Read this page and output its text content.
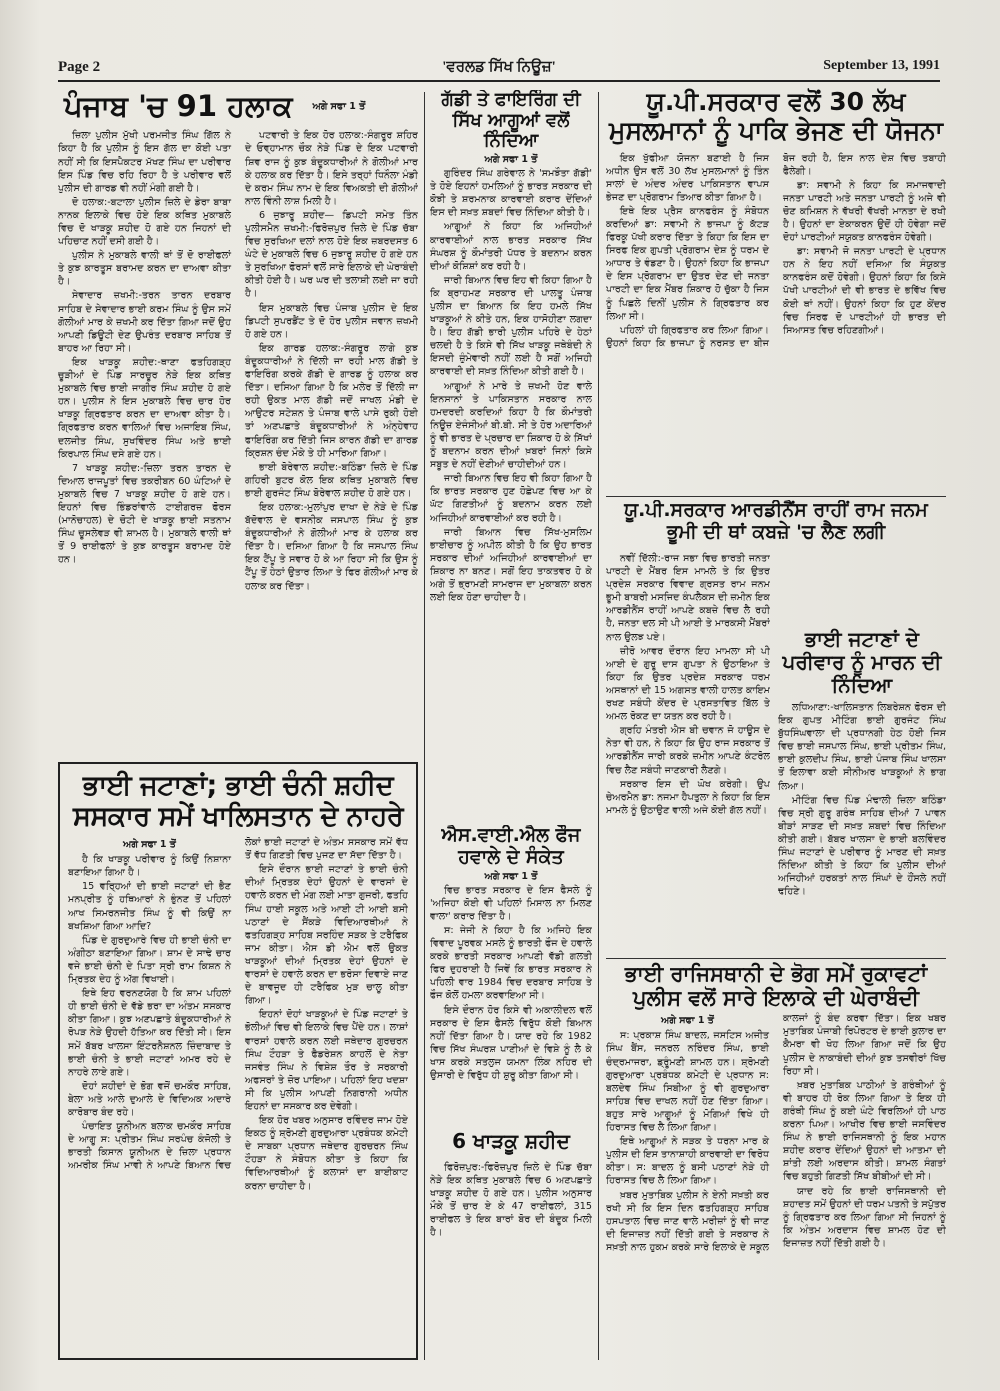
Page 2	'ਵਰਲਡ ਸਿੱਖ ਨਿਊਜ਼'	September 13, 1991
ਪੰਜਾਬ 'ਚ 91 ਹਲਾਕ ਅਗੇ ਸਫਾ 1 ਤੋਂ

ਜ਼ਿਲਾ ਪੁਲੀਸ ਮੁੱਖੀ ਪਰਮਜੀਤ ਸਿੰਘ ਗਿੱਲ ਨੇ ਕਿਹਾ ਹੈ ਕਿ ਪੁਲੀਸ ਨੂੰ ਇਸ ਗੱਲ ਦਾ ਕੋਈ ਪਤਾ ਨਹੀਂ ਸੀ ਕਿ ਇਸਪੈਕਟਰ ਮੱਖਣ ਸਿੰਘ ਦਾ ਪਰੀਵਾਰ ਇਸ ਪਿੰਡ ਵਿਚ ਰਹਿ ਰਿਹਾ ਹੈ ਤੇ ਪਰੀਵਾਰ ਵਲੋਂ ਪੁਲੀਸ ਦੀ ਗਾਰਡ ਵੀ ਨਹੀਂ ਮੰਗੀ ਗਈ ਹੈ।

ਦੋ ਹਲਾਕ:-ਬਟਾਲਾ ਪੁਲੀਸ ਜ਼ਿਲੇ ਦੇ ਡੇਰਾ ਬਾਬਾ ਨਾਨਕ ਇਲਾਕੇ ਵਿਚ ਹੋਏ ਇਕ ਕਥਿਤ ਮੁਕਾਬਲੇ ਵਿਚ ਦੋ ਖਾੜਕੂ ਸ਼ਹੀਦ ਹੋ ਗਏ ਹਨ ਜਿਹਨਾਂ ਦੀ ਪਹਿਚਾਣ ਨਹੀਂ ਦਸੀ ਗਈ ਹੈ।

ਪੁਲੀਸ ਨੇ ਮੁਕਾਬਲੇ ਵਾਲੀ ਥਾਂ ਤੋਂ ਦੋ ਰਾਈਫਲਾਂ ਤੇ ਕੁਝ ਕਾਰਤੂਸ ਬਰਾਮਦ ਕਰਨ ਦਾ ਦਾਅਵਾ ਕੀਤਾ ਹੈ।

ਸੇਵਾਦਾਰ ਜ਼ਖਮੀ:-ਤਰਨ ਤਾਰਨ ਦਰਬਾਰ ਸਾਹਿਬ ਦੇ ਸੇਵਾਦਾਰ ਭਾਈ ਕਰਮ ਸਿੰਘ ਨੂੰ ਉਸ ਸਮੇਂ ਗੋਲੀਆਂ ਮਾਰ ਕੇ ਜ਼ਖਮੀ ਕਰ ਦਿੱਤਾ ਗਿਆ ਜਦੋਂ ਉਹ ਆਪਣੀ ਡਿਊਟੀ ਦੇਣ ਉਪਰੰਤ ਦਰਬਾਰ ਸਾਹਿਬ ਤੋਂ ਬਾਹਰ ਆ ਰਿਹਾ ਸੀ।

ਇਕ ਖਾੜਕੂ ਸ਼ਹੀਦ:-ਥਾਣਾ ਫਤਹਿਗੜ੍ਹ ਚੂੜੀਆਂ ਦੇ ਪਿੰਡ ਸਾਰਚੂਰ ਨੇੜੇ ਇਕ ਕਥਿਤ ਮੁਕਾਬਲੇ ਵਿਚ ਭਾਈ ਜਾਗੀਰ ਸਿੰਘ ਸ਼ਹੀਦ ਹੋ ਗਏ ਹਨ। ਪੁਲੀਸ ਨੇ ਇਸ ਮੁਕਾਬਲੇ ਵਿਚ ਚਾਰ ਹੋਰ ਖਾੜਕੂ ਗ੍ਰਿਫਤਾਰ ਕਰਨ ਦਾ ਦਾਅਵਾ ਕੀਤਾ ਹੈ। ਗ੍ਰਿਫਤਾਰ ਕਰਨ ਵਾਲਿਆਂ ਵਿਚ ਅਜਾਇਬ ਸਿੰਘ, ਦਲਜੀਤ ਸਿੰਘ, ਸੁਖਵਿੰਦਰ ਸਿੰਘ ਅਤੇ ਭਾਈ ਕਿਰਪਾਲ ਸਿੰਘ ਦਸੇ ਗਏ ਹਨ।

7 ਖਾੜਕੂ ਸ਼ਹੀਦ:-ਜ਼ਿਲਾ ਤਰਨ ਤਾਰਨ ਦੇ ਦਿਆਲ ਰਾਜਪੂਤਾਂ ਵਿਚ ਤਕਰੀਬਨ 60 ਘੰਟਿਆਂ ਦੇ ਮੁਕਾਬਲੇ ਵਿਚ 7 ਖਾੜਕੂ ਸ਼ਹੀਦ ਹੋ ਗਏ ਹਨ। ਇਹਨਾਂ ਵਿਚ ਭਿੰਡਰਾਂਵਾਲੇ ਟਾਈਗਰਜ਼ ਫੋਰਸ (ਮਾਨੋਚਾਹਲ) ਦੇ ਚੋਟੀ ਦੇ ਖਾੜਕੂ ਭਾਈ ਸਤਨਾਮ ਸਿੰਘ ਚੂਸਲੇਵੜ ਵੀ ਸ਼ਾਮਲ ਹੈ। ਮੁਕਾਬਲੇ ਵਾਲੀ ਥਾਂ ਤੋਂ 9 ਰਾਈਫਲਾਂ ਤੇ ਕੁਝ ਕਾਰਤੂਸ ਬਰਾਮਦ ਹੋਏ ਹਨ।

ਪਟਵਾਰੀ ਤੇ ਇਕ ਹੋਰ ਹਲਾਕ:-ਸੰਗਰੂਰ ਸ਼ਹਿਰ ਦੇ ਓਵ੍ਹਾਮਾਨ ਚੌਕ ਨੇੜੇ ਪਿੰਡ ਦੇ ਇਕ ਪਟਵਾਰੀ ਸ਼ਿਵ ਰਾਜ ਨੂੰ ਕੁਝ ਬੰਦੂਕਧਾਰੀਆਂ ਨੇ ਗੋਲੀਆਂ ਮਾਰ ਕੇ ਹਲਾਕ ਕਰ ਦਿੱਤਾ ਹੈ। ਇਸੇ ਤਰ੍ਹਾਂ ਧਿਨੌਲਾ ਮੰਡੀ ਦੇ ਕਰਮ ਸਿੰਘ ਨਾਮ ਦੇ ਇਕ ਵਿਅਕਤੀ ਦੀ ਗੋਲੀਆਂ ਨਾਲ ਵਿੰਨੀ ਲਾਸ਼ ਮਿਲੀ ਹੈ।

6 ਜੁਝਾਰੂ ਸ਼ਹੀਦ— ਡਿਪਟੀ ਸਮੇਤ ਤਿੰਨ ਪੁਲੀਸਮੈਨ ਜ਼ਖਮੀ:-ਫਿਰੋਜ਼ਪੁਰ ਜ਼ਿਲੇ ਦੇ ਪਿੰਡ ਚੱਬਾ ਵਿਚ ਸੁਰਖਿਆ ਦਲਾਂ ਨਾਲ ਹੋਏ ਇਕ ਜ਼ਬਰਦਸਤ 6 ਘੰਟੇ ਦੇ ਮੁਕਾਬਲੇ ਵਿਚ 6 ਜੁਝਾਰੂ ਸ਼ਹੀਦ ਹੋ ਗਏ ਹਨ ਤੇ ਸੁਰਖਿਆ ਫੋਰਸਾਂ ਵਲੋਂ ਸਾਰੇ ਇਲਾਕੇ ਦੀ ਘੇਰਾਬੰਦੀ ਕੀਤੀ ਹੋਈ ਹੈ। ਘਰ ਘਰ ਦੀ ਤਲਾਸ਼ੀ ਲਈ ਜਾ ਰਹੀ ਹੈ।

ਇਸ ਮੁਕਾਬਲੇ ਵਿਚ ਪੰਜਾਬ ਪੁਲੀਸ ਦੇ ਇਕ ਡਿਪਟੀ ਸੁਪਰਡੈਂਟ ਤੇ ਦੋ ਹੋਰ ਪੁਲੀਸ ਜਵਾਨ ਜ਼ਖਮੀ ਹੋ ਗਏ ਹਨ।

ਇਕ ਗਾਰਡ ਹਲਾਕ:-ਸੰਗਰੂਰ ਲਾਗੇ ਕੁਝ ਬੰਦੂਕਧਾਰੀਆਂ ਨੇ ਦਿੱਲੀ ਜਾ ਰਹੀ ਮਾਲ ਗੱਡੀ ਤੇ ਫਾਇਰਿੰਗ ਕਰਕੇ ਗੱਡੀ ਦੇ ਗਾਰਡ ਨੂੰ ਹਲਾਕ ਕਰ ਦਿੱਤਾ। ਦਸਿਆ ਗਿਆ ਹੈ ਕਿ ਮਲੇਰ ਤੋਂ ਦਿੱਲੀ ਜਾ ਰਹੀ ਉਕਤ ਮਾਲ ਗੱਡੀ ਜਦੋਂ ਜਾਖਲ ਮੰਡੀ ਦੇ ਆਉਟਰ ਸਟੇਸ਼ਨ ਤੇ ਪੰਜਾਬ ਵਾਲੇ ਪਾਸੇ ਰੁਕੀ ਹੋਈ ਤਾਂ ਅਣਪਛਾਤੇ ਬੰਦੂਕਧਾਰੀਆਂ ਨੇ ਅੰਨ੍ਹੇਵਾਹ ਫਾਇਰਿੰਗ ਕਰ ਦਿੱਤੀ ਜਿਸ ਕਾਰਨ ਗੱਡੀ ਦਾ ਗਾਰਡ ਕ੍ਰਿਸ਼ਨ ਚੰਦ ਮੌਕੇ ਤੇ ਹੀ ਮਾਰਿਆ ਗਿਆ।

ਭਾਈ ਬੋਰੇਵਾਲ ਸ਼ਹੀਦ:-ਬਠਿੰਡਾ ਜ਼ਿਲੇ ਦੇ ਪਿੰਡ ਗਹਿਰੀ ਬੁਟਰ ਕੋਲ ਇਕ ਕਥਿਤ ਮੁਕਾਬਲੇ ਵਿਚ ਭਾਈ ਗੁਰਜੰਟ ਸਿੰਘ ਬੋਰੇਵਾਲ ਸ਼ਹੀਦ ਹੋ ਗਏ ਹਨ।

ਇਕ ਹਲਾਕ:-ਮੁਲਾਂਪੁਰ ਦਾਖਾ ਦੇ ਨੇੜੇ ਦੇ ਪਿੰਡ ਬੱਦੋਵਾਲ ਦੇ ਵਸਨੀਕ ਜਸਪਾਲ ਸਿੰਘ ਨੂੰ ਕੁਝ ਬੰਦੂਕਧਾਰੀਆਂ ਨੇ ਗੋਲੀਆਂ ਮਾਰ ਕੇ ਹਲਾਕ ਕਰ ਦਿੱਤਾ ਹੈ। ਦਸਿਆ ਗਿਆ ਹੈ ਕਿ ਜਸਪਾਲ ਸਿੰਘ ਇਕ ਟੈਂਪੂ ਤੇ ਸਵਾਰ ਹੋ ਕੇ ਆ ਰਿਹਾ ਸੀ ਕਿ ਉਸ ਨੂੰ ਟੈਂਪੂ ਤੋਂ ਹੇਠਾਂ ਉਤਾਰ ਲਿਆ ਤੇ ਫਿਰ ਗੋਲੀਆਂ ਮਾਰ ਕੇ ਹਲਾਕ ਕਰ ਦਿੱਤਾ।

ਭਾਈ ਜਟਾਣਾਂ; ਭਾਈ ਚੰਨੀ ਸ਼ਹੀਦ ਸਸਕਾਰ ਸਮੇਂ ਖਾਲਿਸਤਾਨ ਦੇ ਨਾਹਰੇ
ਅਗੇ ਸਫਾ 1 ਤੋਂ

ਹੈ ਕਿ ਖਾੜਕੂ ਪਰੀਵਾਰ ਨੂੰ ਕਿਉਂ ਨਿਸ਼ਾਨਾ ਬਣਾਇਆ ਗਿਆ ਹੈ।

15 ਵਰ੍ਹਿਆਂ ਦੀ ਭਾਈ ਜਟਾਣਾਂ ਦੀ ਭੈਣ ਮਨਪ੍ਰੀਤ ਨੂੰ ਹਥਿਆਰਾਂ ਨੇ ਭੁੰਨਣ ਤੋਂ ਪਹਿਲਾਂ ਆਖ ਸਿਮਰਨਜੀਤ ਸਿੰਘ ਨੂੰ ਵੀ ਕਿਉਂ ਨਾ ਬਖਸ਼ਿਆ ਗਿਆ ਆਦਿ?

ਪਿੰਡ ਦੇ ਗੁਰਦੁਆਰੇ ਵਿਚ ਹੀ ਭਾਈ ਚੰਨੀ ਦਾ ਅੰਗੀਠਾ ਬਣਾਇਆ ਗਿਆ। ਸ਼ਾਮ ਦੇ ਸਾਢੇ ਚਾਰ ਵਜੇ ਭਾਈ ਚੰਨੀ ਦੇ ਪਿਤਾ ਸ੍ਰੀ ਰਾਮ ਕਿਸ਼ਨ ਨੇ ਮ੍ਰਿਤਕ ਦੇਹ ਨੂੰ ਅੱਗ ਵਿਖਾਈ।

ਇਥੇ ਇਹ ਵਰਨਣਯੋਗ ਹੈ ਕਿ ਸ਼ਾਮ ਪਹਿਲਾਂ ਹੀ ਭਾਈ ਚੰਨੀ ਦੇ ਵੱਡੇ ਭਰਾ ਦਾ ਅੰਤਮ ਸਸਕਾਰ ਕੀਤਾ ਗਿਆ। ਕੁਝ ਅਣਪਛਾਤੇ ਬੰਦੂਕਧਾਰੀਆਂ ਨੇ ਰੋਪੜ ਨੇੜੇ ਉਹਦੀ ਹੱਤਿਆ ਕਰ ਦਿੱਤੀ ਸੀ। ਇਸ ਸਮੇਂ ਬੱਬਰ ਖਾਲਸਾ ਇੰਟਰਨੈਸ਼ਨਲ ਜ਼ਿੰਦਾਬਾਦ ਤੇ ਭਾਈ ਚੰਨੀ ਤੇ ਭਾਈ ਜਟਾਣਾਂ ਅਮਰ ਰਹੇ ਦੇ ਨਾਹਰੇ ਲਾਏ ਗਏ।

ਦੋਹਾਂ ਸ਼ਹੀਦਾਂ ਦੇ ਭੋਗ ਵਜੋਂ ਚਮਕੌਰ ਸਾਹਿਬ, ਬੇਲਾ ਅਤੇ ਆਲੇ ਦੁਆਲੇ ਦੇ ਵਿਦਿਅਕ ਅਦਾਰੇ ਕਾਰੋਬਾਰ ਬੰਦ ਰਹੇ।

ਪੰਚਾਇਤ ਯੂਨੀਅਨ ਬਲਾਕ ਚਮਕੌਰ ਸਾਹਿਬ ਦੇ ਆਗੂ ਸ: ਪ੍ਰੀਤਮ ਸਿੰਘ ਸਰਪੰਚ ਕੰਜੋਲੀ ਤੇ ਭਾਰਤੀ ਕਿਸਾਨ ਯੂਨੀਅਨ ਦੇ ਜ਼ਿਲਾ ਪ੍ਰਧਾਨ ਅਮਰੀਕ ਸਿੰਘ ਮਾਵੀ ਨੇ ਆਪਣੇ ਬਿਆਨ ਵਿਚ ਲੋਕਾਂ ਭਾਈ ਜਟਾਣਾਂ ਦੇ ਅੰਤਮ ਸਸਕਾਰ ਸਮੇਂ ਵੱਧ ਤੋਂ ਵੱਧ ਗਿਣਤੀ ਵਿਚ ਪੁਜਣ ਦਾ ਸੱਦਾ ਦਿੱਤਾ ਹੈ।

ਇਸੇ ਦੌਰਾਨ ਭਾਈ ਜਟਾਣਾਂ ਤੇ ਭਾਈ ਚੰਨੀ ਦੀਆਂ ਮ੍ਰਿਤਕ ਦੇਹਾਂ ਉਹਨਾਂ ਦੇ ਵਾਰਸਾਂ ਦੇ ਹਵਾਲੇ ਕਰਨ ਦੀ ਮੰਗ ਲਈ ਮਾਤਾ ਗੁਜਰੀ, ਫਤਹਿ ਸਿੰਘ ਹਾਈ ਸਕੂਲ ਅਤੇ ਆਈ ਟੀ ਆਈ ਬਸੀ ਪਠਾਣਾਂ ਦੇ ਸੈਂਕੜੇ ਵਿਦਿਆਰਥੀਆਂ ਨੇ ਫਤਹਿਗੜ੍ਹ ਸਾਹਿਬ ਸਰਹਿੰਦ ਸੜਕ ਤੇ ਟਰੈਫਿਕ ਜਾਮ ਕੀਤਾ। ਐਸ ਡੀ ਐਮ ਵਲੋਂ ਉਕਤ ਖਾੜਕੂਆਂ ਦੀਆਂ ਮ੍ਰਿਤਕ ਦੇਹਾਂ ਉਹਨਾਂ ਦੇ ਵਾਰਸਾਂ ਦੇ ਹਵਾਲੇ ਕਰਨ ਦਾ ਭਰੋਸਾ ਦਿਵਾਏ ਜਾਣ ਦੇ ਬਾਵਜੂਦ ਹੀ ਟਰੈਫਿਕ ਮੁੜ ਚਾਲੂ ਕੀਤਾ ਗਿਆ।

ਇਹਨਾਂ ਦੋਹਾਂ ਖਾੜਕੂਆਂ ਦੇ ਪਿੰਡ ਜਟਾਣਾਂ ਤੇ ਭੋਲੀਆਂ ਵਿਚ ਵੀ ਇਲਾਕੇ ਵਿਚ ਪੈਂਦੇ ਹਨ। ਲਾਸ਼ਾਂ ਵਾਰਸਾਂ ਹਵਾਲੇ ਕਰਨ ਲਈ ਜਥੇਦਾਰ ਗੁਰਚਰਨ ਸਿੰਘ ਟੌਹੜਾ ਤੇ ਫੈਡਰੇਸ਼ਨ ਕਾਹਲੋਂ ਦੇ ਨੇਤਾ ਜਸਵੰਤ ਸਿੰਘ ਨੇ ਵਿਸ਼ੇਸ਼ ਤੌਰ ਤੇ ਸਰਕਾਰੀ ਅਫਸਰਾਂ ਤੇ ਜ਼ੋਰ ਪਾਇਆ। ਪਹਿਲਾਂ ਇਹ ਖਦਸ਼ਾ ਸੀ ਕਿ ਪੁਲੀਸ ਆਪਣੀ ਨਿਗਰਾਨੀ ਅਧੀਨ ਇਹਨਾਂ ਦਾ ਸਸਕਾਰ ਕਰ ਦੇਵੇਗੀ।

ਇਕ ਹੋਰ ਖਬਰ ਅਨੁਸਾਰ ਰਵਿੰਦਰ ਜਾਮ ਹੋਏ ਇਕਠ ਨੂੰ ਸ਼੍ਰੋਮਣੀ ਗੁਰਦੁਆਰਾ ਪ੍ਰਬੰਧਕ ਕਮੇਟੀ ਦੇ ਸਾਬਕਾ ਪ੍ਰਧਾਨ ਜਥੇਦਾਰ ਗੁਰਚਰਨ ਸਿੰਘ ਟੌਹੜਾ ਨੇ ਸੰਬੋਧਨ ਕੀਤਾ ਤੇ ਕਿਹਾ ਕਿ ਵਿਦਿਆਰਥੀਆਂ ਨੂੰ ਕਲਾਸਾਂ ਦਾ ਬਾਈਕਾਟ ਕਰਨਾ ਚਾਹੀਦਾ ਹੈ।

ਗੱਡੀ ਤੇ ਫਾਇਰਿੰਗ ਦੀ ਸਿੱਖ ਆਗੂਆਂ ਵਲੋਂ ਨਿੰਦਿਆ
ਅਗੇ ਸਫਾ 1 ਤੋਂ

ਗੁਰਿੰਦਰ ਸਿੰਘ ਗਰੇਵਾਲ ਨੇ 'ਸਮਝੌਤਾ ਗੱਡੀ' ਤੇ ਹੋਏ ਇਹਨਾਂ ਹਮਲਿਆਂ ਨੂੰ ਭਾਰਤ ਸਰਕਾਰ ਦੀ ਕੋਝੀ ਤੇ ਸ਼ਰਮਨਾਕ ਕਾਰਵਾਈ ਕਰਾਰ ਦੇਂਦਿਆਂ ਇਸ ਦੀ ਸਖ਼ਤ ਸ਼ਬਦਾਂ ਵਿਚ ਨਿੰਦਿਆ ਕੀਤੀ ਹੈ।

ਆਗੂਆਂ ਨੇ ਕਿਹਾ ਕਿ ਅਜਿਹੀਆਂ ਕਾਰਵਾਈਆਂ ਨਾਲ ਭਾਰਤ ਸਰਕਾਰ ਸਿੱਖ ਸੰਘਰਸ਼ ਨੂੰ ਕੌਮਾਂਤਰੀ ਪੱਧਰ ਤੇ ਬਦਨਾਮ ਕਰਨ ਦੀਆਂ ਕੋਸ਼ਿਸ਼ਾਂ ਕਰ ਰਹੀ ਹੈ।

ਜਾਰੀ ਬਿਆਨ ਵਿਚ ਇਹ ਵੀ ਕਿਹਾ ਗਿਆ ਹੈ ਕਿ ਬ੍ਰਾਹਮਣ ਸਰਕਾਰ ਦੀ ਪਾਲਤੂ ਪੰਜਾਬ ਪੁਲੀਸ ਦਾ ਬਿਆਨ ਕਿ ਇਹ ਹਮਲੇ ਸਿੱਖ ਖਾੜਕੂਆਂ ਨੇ ਕੀਤੇ ਹਨ, ਇਕ ਹਾਸੋਹੀਣਾ ਲਗਦਾ ਹੈ। ਇਹ ਗੱਡੀ ਭਾਰੀ ਪੁਲੀਸ ਪਹਿਰੇ ਦੇ ਹੇਠਾਂ ਚਲਦੀ ਹੈ ਤੇ ਕਿਸੇ ਵੀ ਸਿੱਖ ਖਾੜਕੂ ਜਥੇਬੰਦੀ ਨੇ ਇਸਦੀ ਜ਼ੁੰਮੇਵਾਰੀ ਨਹੀਂ ਲਈ ਹੈ ਸਗੋਂ ਅਜਿਹੀ ਕਾਰਵਾਈ ਦੀ ਸਖ਼ਤ ਨਿੰਦਿਆ ਕੀਤੀ ਗਈ ਹੈ।

ਆਗੂਆਂ ਨੇ ਮਾਰੇ ਤੇ ਜ਼ਖਮੀ ਹੋਣ ਵਾਲੇ ਇਨਸਾਨਾਂ ਤੇ ਪਾਕਿਸਤਾਨ ਸਰਕਾਰ ਨਾਲ ਹਮਦਰਦੀ ਕਰਦਿਆਂ ਕਿਹਾ ਹੈ ਕਿ ਕੌਮਾਂਤਰੀ ਨਿਊਜ਼ ਏਜੰਸੀਆਂ ਬੀ.ਬੀ. ਸੀ ਤੇ ਹੋਰ ਅਦਾਰਿਆਂ ਨੂੰ ਵੀ ਭਾਰਤ ਦੇ ਪ੍ਰਚਾਰ ਦਾ ਸ਼ਿਕਾਰ ਹੋ ਕੇ ਸਿੱਖਾਂ ਨੂੰ ਬਦਨਾਮ ਕਰਨ ਦੀਆਂ ਖ਼ਬਰਾਂ ਜਿਨਾਂ ਕਿਸੇ ਸਬੂਤ ਦੇ ਨਹੀਂ ਦੇਣੀਆਂ ਚਾਹੀਦੀਆਂ ਹਨ।

ਜਾਰੀ ਬਿਆਨ ਵਿਚ ਇਹ ਵੀ ਕਿਹਾ ਗਿਆ ਹੈ ਕਿ ਭਾਰਤ ਸਰਕਾਰ ਹੁਣ ਹੋਛੇਪਣ ਵਿਚ ਆ ਕੇ ਘੱਟ ਗਿਣਤੀਆਂ ਨੂੰ ਬਦਨਾਮ ਕਰਨ ਲਈ ਅਜਿਹੀਆਂ ਕਾਰਵਾਈਆਂ ਕਰ ਰਹੀ ਹੈ।

ਜਾਰੀ ਬਿਆਨ ਵਿਚ ਸਿੱਖ-ਮੁਸਲਿਮ ਭਾਈਚਾਰ ਨੂੰ ਅਪੀਲ ਕੀਤੀ ਹੈ ਕਿ ਉਹ ਭਾਰਤ ਸਰਕਾਰ ਦੀਆਂ ਅਜਿਹੀਆਂ ਕਾਰਵਾਈਆਂ ਦਾ ਸ਼ਿਕਾਰ ਨਾ ਬਨਣ। ਸਗੋਂ ਇਹ ਤਾਕਤਵਰ ਹੋ ਕੇ ਅਗੇ ਤੋਂ ਭ੍ਰਾਮਣੀ ਸਾਮਰਾਜ ਦਾ ਮੁਕਾਬਲਾ ਕਰਨ ਲਈ ਇਕ ਹੋਣਾ ਚਾਹੀਦਾ ਹੈ।

ਐਸ.ਵਾਈ.ਐਲ ਫੌਜ ਹਵਾਲੇ ਦੇ ਸੰਕੇਤ
ਅਗੇ ਸਫਾ 1 ਤੋਂ

ਵਿਚ ਭਾਰਤ ਸਰਕਾਰ ਦੇ ਇਸ ਫੈਸਲੇ ਨੂੰ 'ਅਜਿਹਾ ਕੋਈ ਵੀ ਪਹਿਲਾਂ ਮਿਸਾਲ ਨਾ ਮਿਲਣ ਵਾਲਾ' ਕਰਾਰ ਦਿੱਤਾ ਹੈ।

ਸ: ਜੇਜੀ ਨੇ ਕਿਹਾ ਹੈ ਕਿ ਅਜਿਹੇ ਇਕ ਵਿਵਾਦ ਪੂਰਵਕ ਮਸਲੇ ਨੂੰ ਭਾਰਤੀ ਫੌਜ ਦੇ ਹਵਾਲੇ ਕਰਕੇ ਭਾਰਤੀ ਸਰਕਾਰ ਆਪਣੀ ਵੱਡੀ ਗਲਤੀ ਫਿਰ ਦੁਹਰਾਈ ਹੈ ਜਿਵੇਂ ਕਿ ਭਾਰਤ ਸਰਕਾਰ ਨੇ ਪਹਿਲੀ ਵਾਰ 1984 ਵਿਚ ਦਰਬਾਰ ਸਾਹਿਬ ਤੇ ਫੌਜ ਕੋਲੋਂ ਹਮਲਾ ਕਰਵਾਇਆ ਸੀ।

ਇਸੇ ਦੌਰਾਨ ਹੋਰ ਕਿਸੇ ਵੀ ਅਕਾਲੀਦਲ ਵਲੋਂ ਸਰਕਾਰ ਦੇ ਇਸ ਫੈਸਲੇ ਵਿਰੁੱਧ ਕੋਈ ਬਿਆਨ ਨਹੀਂ ਦਿੱਤਾ ਗਿਆ ਹੈ। ਯਾਦ ਰਹੇ ਕਿ 1982 ਵਿਚ ਸਿੱਖ ਸੰਘਰਸ਼ ਪਾਣੀਆਂ ਦੇ ਵਿਸ਼ੇ ਨੂੰ ਲੈ ਕੇ ਖਾਸ ਕਰਕੇ ਸਤਲੁਜ ਯਮਨਾ ਲਿੰਕ ਨਹਿਰ ਦੀ ਉਸਾਰੀ ਦੇ ਵਿਰੁੱਧ ਹੀ ਸ਼ੁਰੂ ਕੀਤਾ ਗਿਆ ਸੀ।

6 ਖਾੜਕੂ ਸ਼ਹੀਦ

ਫਿਰੋਜ਼ਪੁਰ:-ਫਿਰੋਜ਼ਪੁਰ ਜ਼ਿਲੇ ਦੇ ਪਿੰਡ ਚੱਬਾ ਨੇੜੇ ਇਕ ਕਥਿਤ ਮੁਕਾਬਲੇ ਵਿਚ 6 ਅਣਪਛਾਤੇ ਖਾੜਕੂ ਸ਼ਹੀਦ ਹੋ ਗਏ ਹਨ। ਪੁਲੀਸ ਅਨੁਸਾਰ ਮੌਕੇ ਤੋਂ ਚਾਰ ਏ ਕੇ 47 ਰਾਈਫਲਾਂ, 315 ਰਾਈਫਲ ਤੇ ਇਕ ਬਾਰਾਂ ਬੋਰ ਦੀ ਬੰਦੂਕ ਮਿਲੀ ਹੈ।

ਯੂ.ਪੀ.ਸਰਕਾਰ ਵਲੋਂ 30 ਲੱਖ ਮੁਸਲਮਾਨਾਂ ਨੂੰ ਪਾਕਿ ਭੇਜਣ ਦੀ ਯੋਜਨਾ

ਇਕ ਖੁੱਫੀਆ ਯੋਜਨਾ ਬਣਾਈ ਹੈ ਜਿਸ ਅਧੀਨ ਉਸ ਵਲੋਂ 30 ਲੱਖ ਮੁਸਲਮਾਨਾਂ ਨੂੰ ਤਿੰਨ ਸਾਲਾਂ ਦੇ ਅੰਦਰ ਅੰਦਰ ਪਾਕਿਸਤਾਨ ਵਾਪਸ ਭੇਜਣ ਦਾ ਪ੍ਰੋਗਰਾਮ ਤਿਆਰ ਕੀਤਾ ਗਿਆ ਹੈ।

ਇਥੇ ਇਕ ਪ੍ਰੈਸ ਕਾਨਫਰੰਸ ਨੂੰ ਸੰਬੋਧਨ ਕਰਦਿਆਂ ਡਾ: ਸਵਾਮੀ ਨੇ ਭਾਜਪਾ ਨੂੰ ਕੱਟੜ ਫਿਰਕੂ ਪੱਖੀ ਕਰਾਰ ਦਿੱਤਾ ਤੇ ਕਿਹਾ ਕਿ ਇਸ ਦਾ ਸਿਰਫ ਇਕ ਗੁਪਤੀ ਪ੍ਰੋਗਰਾਮ ਦੇਸ਼ ਨੂੰ ਧਰਮ ਦੇ ਆਧਾਰ ਤੇ ਵੰਡਣਾ ਹੈ। ਉਹਨਾਂ ਕਿਹਾ ਕਿ ਭਾਜਪਾ ਦੇ ਇਸ ਪ੍ਰੋਗਰਾਮ ਦਾ ਉਤਰ ਦੇਣ ਦੀ ਜਨਤਾ ਪਾਰਟੀ ਦਾ ਇਕ ਮੈਂਬਰ ਸ਼ਿਕਾਰ ਹੋ ਚੁੱਕਾ ਹੈ ਜਿਸ ਨੂੰ ਪਿਛਲੇ ਦਿਨੀਂ ਪੁਲੀਸ ਨੇ ਗ੍ਰਿਫਤਾਰ ਕਰ ਲਿਆ ਸੀ।

ਪਹਿਲਾਂ ਹੀ ਗ੍ਰਿਫਤਾਰ ਕਰ ਲਿਆ ਗਿਆ। ਉਹਨਾਂ ਕਿਹਾ ਕਿ ਭਾਜਪਾ ਨੂੰ ਨਰਸਤ ਦਾ ਬੀਜ ਬੋਜ ਰਹੀ ਹੈ, ਇਸ ਨਾਲ ਦੇਸ਼ ਵਿਚ ਤਬਾਹੀ ਫੈਲੇਗੀ।

ਡਾ: ਸਵਾਮੀ ਨੇ ਕਿਹਾ ਕਿ ਸਮਾਜਵਾਦੀ ਜਨਤਾ ਪਾਰਟੀ ਅਤੇ ਜਨਤਾ ਪਾਰਟੀ ਨੂੰ ਅਜੇ ਵੀ ਚੋਣ ਕਮਿਸ਼ਨ ਨੇ ਵੱਖਰੀ ਵੱਖਰੀ ਮਾਨਤਾ ਦੇ ਰਖੀ ਹੈ। ਉਹਨਾਂ ਦਾ ਏਕਾਕਰਨ ਉਦੋਂ ਹੀ ਹੋਵੇਗਾ ਜਦੋਂ ਦੋਹਾਂ ਪਾਰਟੀਆਂ ਸਯੁਕਤ ਕਾਨਫਰੰਸ ਹੋਵੇਗੀ।

ਡਾ: ਸਵਾਮੀ ਜੋ ਜਨਤਾ ਪਾਰਟੀ ਦੇ ਪ੍ਰਧਾਨ ਹਨ ਨੇ ਇਹ ਨਹੀਂ ਦਸਿਆ ਕਿ ਸੰਯੁਕਤ ਕਾਨਫਰੰਸ ਕਦੋਂ ਹੋਵੇਗੀ। ਉਹਨਾਂ ਕਿਹਾ ਕਿ ਕਿਸੇ ਪੱਖੀ ਪਾਰਟੀਆਂ ਦੀ ਵੀ ਭਾਰਤ ਦੇ ਭਵਿੱਖ ਵਿਚ ਕੋਈ ਥਾਂ ਨਹੀਂ। ਉਹਨਾਂ ਕਿਹਾ ਕਿ ਹੁਣ ਕੇਂਦਰ ਵਿਚ ਸਿਰਫ ਦੋ ਪਾਰਟੀਆਂ ਹੀ ਭਾਰਤ ਦੀ ਸਿਆਸਤ ਵਿਚ ਰਹਿਣਗੀਆਂ।

ਯੂ.ਪੀ.ਸਰਕਾਰ ਆਰਡੀਨੈਂਸ ਰਾਹੀਂ ਰਾਮ ਜਨਮ ਭੂਮੀ ਦੀ ਥਾਂ ਕਬਜ਼ੇ 'ਚ ਲੈਣ ਲਗੀ

ਨਵੀਂ ਦਿੱਲੀ:-ਰਾਜ ਸਭਾ ਵਿਚ ਭਾਰਤੀ ਜਨਤਾ ਪਾਰਟੀ ਦੇ ਮੈਂਬਰ ਇਸ ਮਾਮਲੇ ਤੇ ਕਿ ਉਤਰ ਪ੍ਰਦੇਸ਼ ਸਰਕਾਰ ਵਿਵਾਦ ਗ੍ਰਸਤ ਰਾਮ ਜਨਮ ਭੂਮੀ ਬਾਬਰੀ ਮਸਜਿਦ ਕੰਪਲੈਕਸ ਦੀ ਜ਼ਮੀਨ ਇਕ ਆਰਡੀਨੈਂਸ ਰਾਹੀਂ ਆਪਣੇ ਕਬਜ਼ੇ ਵਿਚ ਲੈ ਰਹੀ ਹੈ, ਜਨਤਾ ਦਲ ਸੀ ਪੀ ਆਈ ਤੇ ਮਾਰਕਸੀ ਮੈਂਬਰਾਂ ਨਾਲ ਉਲਝ ਪਏ।

ਜ਼ੀਰੋ ਆਵਰ ਦੌਰਾਨ ਇਹ ਮਾਮਲਾ ਸੀ ਪੀ ਆਈ ਦੇ ਗੁਰੂ ਦਾਸ ਗੁਪਤਾ ਨੇ ਉਠਾਇਆ ਤੇ ਕਿਹਾ ਕਿ ਉਤਰ ਪ੍ਰਦੇਸ਼ ਸਰਕਾਰ ਧਰਮ ਅਸਥਾਨਾਂ ਦੀ 15 ਅਗਸਤ ਵਾਲੀ ਹਾਲਤ ਕਾਇਮ ਰਖਣ ਸਬੰਧੀ ਕੇਂਦਰ ਦੇ ਪ੍ਰਸਤਾਵਿਤ ਬਿੱਲ ਤੇ ਅਮਲ ਰੋਕਣ ਦਾ ਯਤਨ ਕਰ ਰਹੀ ਹੈ।

ਗ੍ਰਹਿ ਮੰਤਰੀ ਐਸ ਬੀ ਚਵਾਨ ਜੋ ਹਾਊਸ ਦੇ ਨੇਤਾ ਵੀ ਹਨ, ਨੇ ਕਿਹਾ ਕਿ ਉਹ ਰਾਜ ਸਰਕਾਰ ਤੋਂ ਆਰਡੀਨੈਂਸ ਜਾਰੀ ਕਰਕੇ ਜ਼ਮੀਨ ਆਪਣੇ ਕੰਟਰੋਲ ਵਿਚ ਲੈਣ ਸਬੰਧੀ ਜਾਣਕਾਰੀ ਲੈਣਗੇ।

ਸਰਕਾਰ ਇਸ ਦੀ ਘੋਖ ਕਰੇਗੀ। ਉਪ ਚੇਅਰਮੈਨ ਡਾ: ਨਜਮਾ ਹੈਪਤੁਲਾ ਨੇ ਕਿਹਾ ਕਿ ਇਸ ਮਾਮਲੇ ਨੂੰ ਉਠਾਉਣ ਵਾਲੀ ਅਜੇ ਕੋਈ ਗੱਲ ਨਹੀਂ।

ਭਾਈ ਜਟਾਣਾਂ ਦੇ ਪਰੀਵਾਰ ਨੂੰ ਮਾਰਨ ਦੀ ਨਿੰਦਿਆ

ਲਧਿਆਣਾ:-ਖਾਲਿਸਤਾਨ ਲਿਬਰੇਸ਼ਨ ਫੋਰਸ ਦੀ ਇਕ ਗੁਪਤ ਮੀਟਿੰਗ ਭਾਈ ਗੁਰਜੰਟ ਸਿੰਘ ਬੁੱਧਸਿੰਘਵਾਲਾ ਦੀ ਪ੍ਰਧਾਨਗੀ ਹੇਠ ਹੋਈ ਜਿਸ ਵਿਚ ਭਾਈ ਜਸਪਾਲ ਸਿੰਘ, ਭਾਈ ਪ੍ਰੀਤਮ ਸਿੰਘ, ਭਾਈ ਕੁਲਦੀਪ ਸਿੰਘ, ਭਾਈ ਪੰਜਾਬ ਸਿੰਘ ਖਾਲਸਾ ਤੋਂ ਇਲਾਵਾ ਕਈ ਸੀਨੀਅਰ ਖਾੜਕੂਆਂ ਨੇ ਭਾਗ ਲਿਆ।

ਮੀਟਿੰਗ ਵਿਚ ਪਿੰਡ ਮੰਢਾਲੀ ਜ਼ਿਲਾ ਬਠਿੰਡਾ ਵਿਚ ਸ੍ਰੀ ਗੁਰੂ ਗਰੰਥ ਸਾਹਿਬ ਦੀਆਂ 7 ਪਾਵਨ ਬੀੜਾਂ ਸਾੜਣ ਦੀ ਸਖ਼ਤ ਸ਼ਬਦਾਂ ਵਿਚ ਨਿੰਦਿਆ ਕੀਤੀ ਗਈ। ਬੱਬਰ ਖਾਲਸਾ ਦੇ ਭਾਈ ਬਲਵਿੰਦਰ ਸਿੰਘ ਜਟਾਣਾਂ ਦੇ ਪਰੀਵਾਰ ਨੂੰ ਮਾਰਣ ਦੀ ਸਖ਼ਤ ਨਿੰਦਿਆ ਕੀਤੀ ਤੇ ਕਿਹਾ ਕਿ ਪੁਲੀਸ ਦੀਆਂ ਅਜਿਹੀਆਂ ਹਰਕਤਾਂ ਨਾਲ ਸਿੰਘਾਂ ਦੇ ਹੌਂਸਲੇ ਨਹੀਂ ਢਹਿਣੇ।

ਭਾਈ ਰਾਜਿਸਥਾਨੀ ਦੇ ਭੋਗ ਸਮੇਂ ਰੁਕਾਵਟਾਂ ਪੁਲੀਸ ਵਲੋਂ ਸਾਰੇ ਇਲਾਕੇ ਦੀ ਘੇਰਾਬੰਦੀ
ਅਗੇ ਸਫਾ 1 ਤੋਂ

ਸ: ਪ੍ਰਕਾਸ਼ ਸਿੰਘ ਬਾਦਲ, ਜਸਟਿਸ ਅਜੀਤ ਸਿੰਘ ਬੈਂਸ, ਜਨਰਲ ਨਰਿੰਦਰ ਸਿੰਘ, ਭਾਈ ਚੰਦ੍ਰਮਾਜਰਾ, ਡ੍ਰੂੰਮਣੀ ਸ਼ਾਮਲ ਹਨ। ਸ਼੍ਰੋਮਣੀ ਗੁਰਦੁਆਰਾ ਪ੍ਰਬੰਧਕ ਕਮੇਟੀ ਦੇ ਪ੍ਰਧਾਨ ਸ: ਬਲਦੇਵ ਸਿੰਘ ਸਿਬੀਆ ਨੂੰ ਵੀ ਗੁਰਦੁਆਰਾ ਸਾਹਿਬ ਵਿਚ ਦਾਖਲ ਨਹੀਂ ਹੋਣ ਦਿੱਤਾ ਗਿਆ। ਬਹੁਤ ਸਾਰੇ ਆਗੂਆਂ ਨੂੰ ਮੋਗਿਆਂ ਵਿਖੇ ਹੀ ਹਿਰਾਸਤ ਵਿਚ ਲੈ ਲਿਆ ਗਿਆ।

ਇਥੇ ਆਗੂਆਂ ਨੇ ਸੜਕ ਤੇ ਧਰਨਾ ਮਾਰ ਕੇ ਪੁਲੀਸ ਦੀ ਇਸ ਤਾਨਾਸ਼ਾਹੀ ਕਾਰਵਾਈ ਦਾ ਵਿਰੋਧ ਕੀਤਾ। ਸ: ਬਾਦਲ ਨੂੰ ਬਸੀ ਪਠਾਣਾਂ ਨੇੜੇ ਹੀ ਹਿਰਾਸਤ ਵਿਚ ਲੈ ਲਿਆ ਗਿਆ।

ਖ਼ਬਰ ਮੁਤਾਬਿਕ ਪੁਲੀਸ ਨੇ ਏਨੀ ਸਖ਼ਤੀ ਕਰ ਰਖੀ ਸੀ ਕਿ ਇਸ ਦਿਨ ਫਤਹਿਗੜ੍ਹ ਸਾਹਿਬ ਹਸਪਤਾਲ ਵਿਚ ਜਾਣ ਵਾਲੇ ਮਰੀਜ਼ਾਂ ਨੂੰ ਵੀ ਜਾਣ ਦੀ ਇਜਾਜ਼ਤ ਨਹੀਂ ਦਿੱਤੀ ਗਈ ਤੇ ਸਰਕਾਰ ਨੇ ਸਖ਼ਤੀ ਨਾਲ ਹੁਕਮ ਕਰਕੇ ਸਾਰੇ ਇਲਾਕੇ ਦੇ ਸਕੂਲ ਕਾਲਜਾਂ ਨੂੰ ਬੰਦ ਕਰਵਾ ਦਿੱਤਾ। ਇਕ ਖਬਰ ਮੁਤਾਬਿਕ ਪੰਜਾਬੀ ਰਿਪੋਰਟਰ ਦੇ ਭਾਈ ਕੁਲਾਰ ਦਾ ਕੈਮਰਾ ਵੀ ਖੋਹ ਲਿਆ ਗਿਆ ਜਦੋਂ ਕਿ ਉਹ ਪੁਲੀਸ ਦੇ ਨਾਕਾਬੰਦੀ ਦੀਆਂ ਕੁਝ ਤਸਵੀਰਾਂ ਖਿੱਚ ਰਿਹਾ ਸੀ।

ਖ਼ਬਰ ਮੁਤਾਬਿਕ ਪਾਠੀਆਂ ਤੇ ਗਰੰਥੀਆਂ ਨੂੰ ਵੀ ਬਾਹਰ ਹੀ ਰੋਕ ਲਿਆ ਗਿਆ ਤੇ ਇਕ ਹੀ ਗਰੰਥੀ ਸਿੰਘ ਨੂੰ ਕਈ ਘੰਟੇ ਵਿਰਲਿਆਂ ਹੀ ਪਾਠ ਕਰਨਾ ਪਿਆ। ਆਖੀਰ ਵਿਚ ਭਾਈ ਜਸਵਿੰਦਰ ਸਿੰਘ ਨੇ ਭਾਈ ਰਾਜਿਸਥਾਨੀ ਨੂੰ ਇਕ ਮਹਾਨ ਸ਼ਹੀਦ ਕਰਾਰ ਦੇਂਦਿਆਂ ਉਹਨਾਂ ਦੀ ਆਤਮਾ ਦੀ ਸ਼ਾਂਤੀ ਲਈ ਅਰਦਾਸ ਕੀਤੀ। ਸ਼ਾਮਲ ਸੰਗਤਾਂ ਵਿਚ ਬਹੁਤੀ ਗਿਣਤੀ ਸਿੱਖ ਬੀਬੀਆਂ ਦੀ ਸੀ।

ਯਾਦ ਰਹੇ ਕਿ ਭਾਈ ਰਾਜਿਸਥਾਨੀ ਦੀ ਸ਼ਹਾਦਤ ਸਮੇਂ ਉਹਨਾਂ ਦੀ ਧਰਮ ਪਤਨੀ ਤੇ ਸਪੁੱਤਰ ਨੂੰ ਗ੍ਰਿਫਤਾਰ ਕਰ ਲਿਆ ਗਿਆ ਸੀ ਜਿਹਨਾਂ ਨੂੰ ਕਿ ਅੰਤਮ ਅਰਦਾਸ ਵਿਚ ਸ਼ਾਮਲ ਹੋਣ ਦੀ ਇਜਾਜ਼ਤ ਨਹੀਂ ਦਿੱਤੀ ਗਈ ਹੈ।
